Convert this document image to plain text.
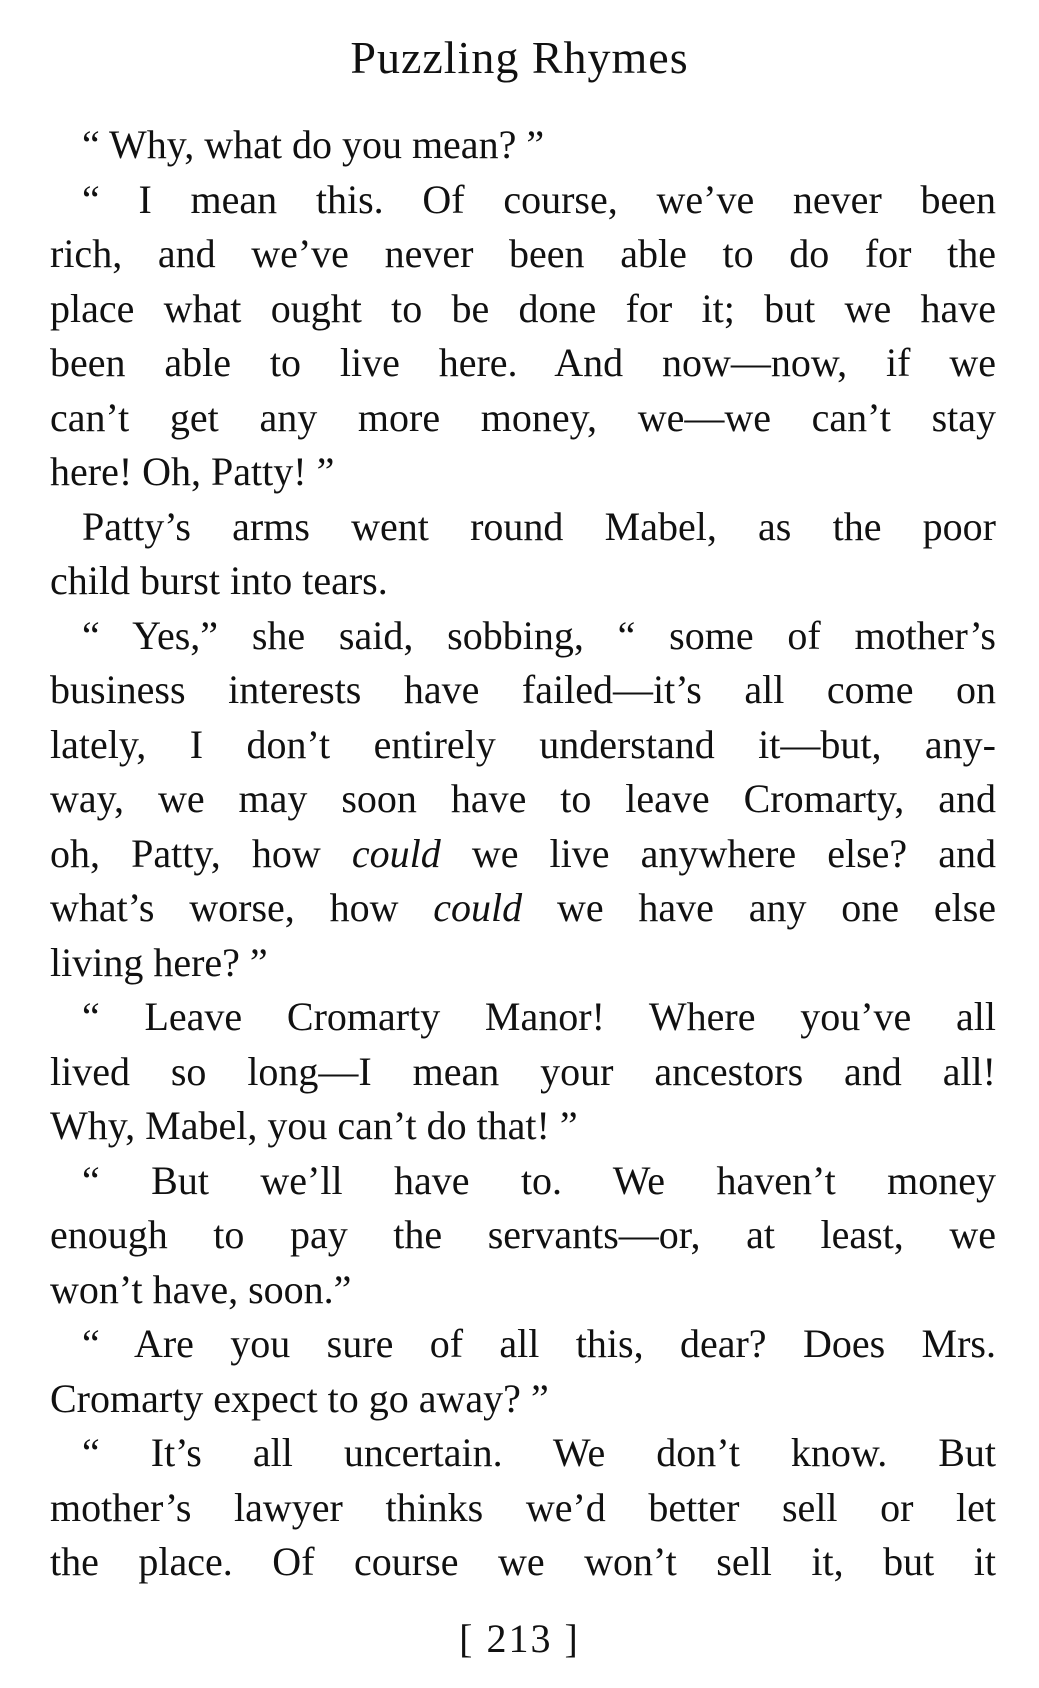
Puzzling Rhymes
“ Why, what do you mean? ”
“ I mean this. Of course, we’ve never been
rich, and we’ve never been able to do for the
place what ought to be done for it; but we have
been able to live here. And now—now, if we
can’t get any more money, we—we can’t stay
here! Oh, Patty! ”
Patty’s arms went round Mabel, as the poor
child burst into tears.
“ Yes,” she said, sobbing, “ some of mother’s
business interests have failed—it’s all come on
lately, I don’t entirely understand it—but, any-
way, we may soon have to leave Cromarty, and
oh, Patty, how could we live anywhere else? and
what’s worse, how could we have any one else
living here? ”
“ Leave Cromarty Manor! Where you’ve all
lived so long—I mean your ancestors and all!
Why, Mabel, you can’t do that! ”
“ But we’ll have to. We haven’t money
enough to pay the servants—or, at least, we
won’t have, soon.”
“ Are you sure of all this, dear? Does Mrs.
Cromarty expect to go away? ”
“ It’s all uncertain. We don’t know. But
mother’s lawyer thinks we’d better sell or let
the place. Of course we won’t sell it, but it
[ 213 ]
